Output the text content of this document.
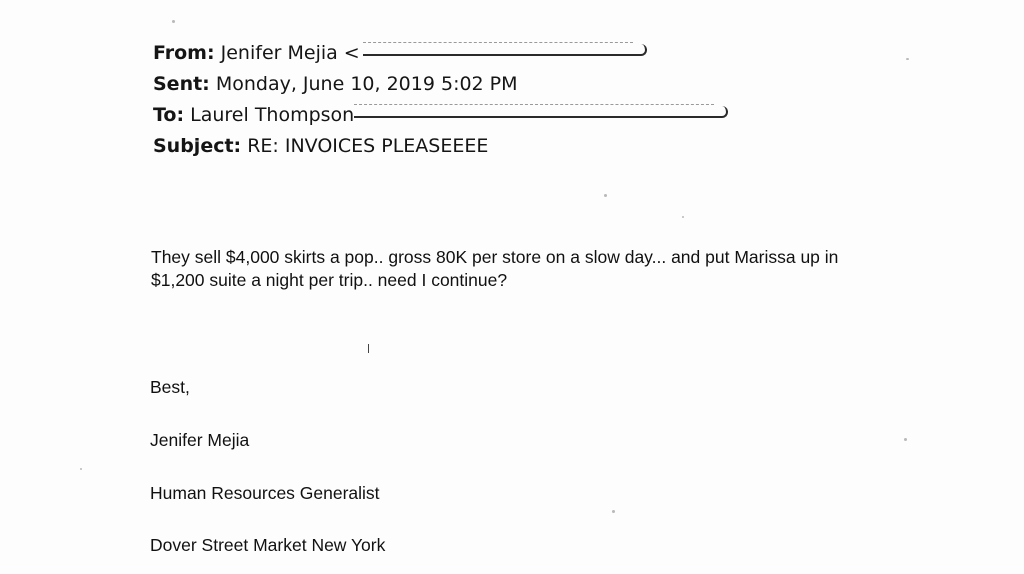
From: Jenifer Mejia <
Sent: Monday, June 10, 2019 5:02 PM
To: Laurel Thompson
Subject: RE: INVOICES PLEASEEEE
They sell $4,000 skirts a pop.. gross 80K per store on a slow day... and put Marissa up in $1,200 suite a night per trip.. need I continue?
Best,
Jenifer Mejia
Human Resources Generalist
Dover Street Market New York
